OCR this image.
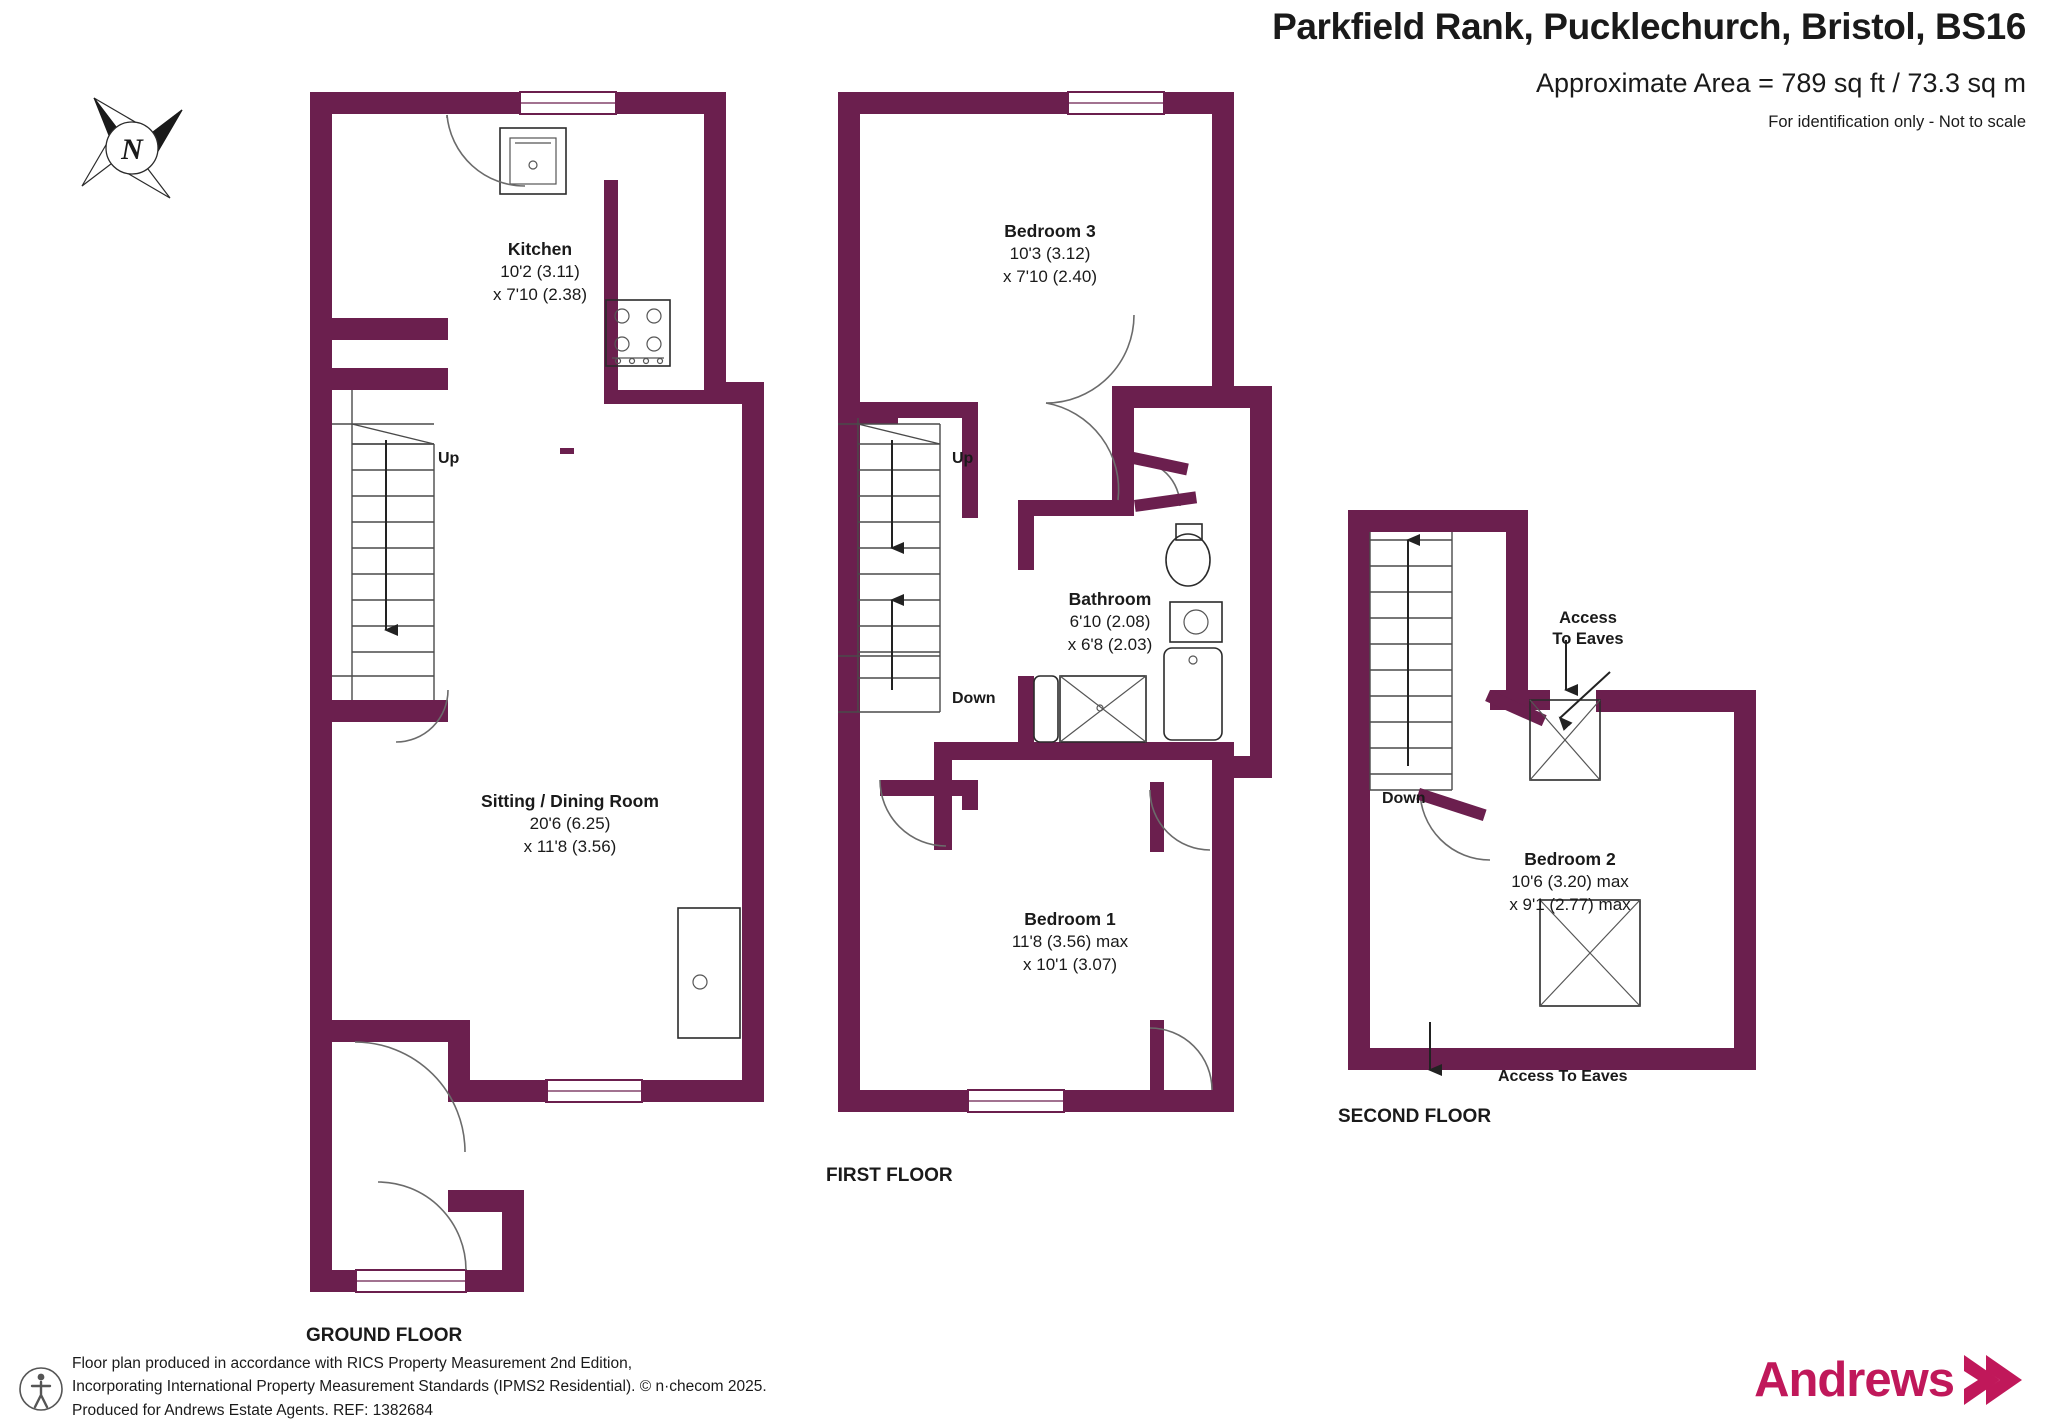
Parkfield Rank, Pucklechurch, Bristol, BS16
Approximate Area = 789 sq ft / 73.3 sq m
For identification only - Not to scale
N
Kitchen
10'2 (3.11)
x 7'10 (2.38)
Sitting / Dining Room
20'6 (6.25)
x 11'8 (3.56)
Bedroom 3
10'3 (3.12)
x 7'10 (2.40)
Bathroom
6'10 (2.08)
x 6'8 (2.03)
Bedroom 1
11'8 (3.56) max
x 10'1 (3.07)
Bedroom 2
10'6 (3.20) max
x 9'1 (2.77) max
Up	Up
Down
Down
Access
To Eaves
Access To Eaves
GROUND FLOOR
FIRST FLOOR
SECOND FLOOR
Floor plan produced in accordance with RICS Property Measurement 2nd Edition,
Incorporating International Property Measurement Standards (IPMS2 Residential). © n·checom 2025.
Produced for Andrews Estate Agents. REF: 1382684
Andrews
